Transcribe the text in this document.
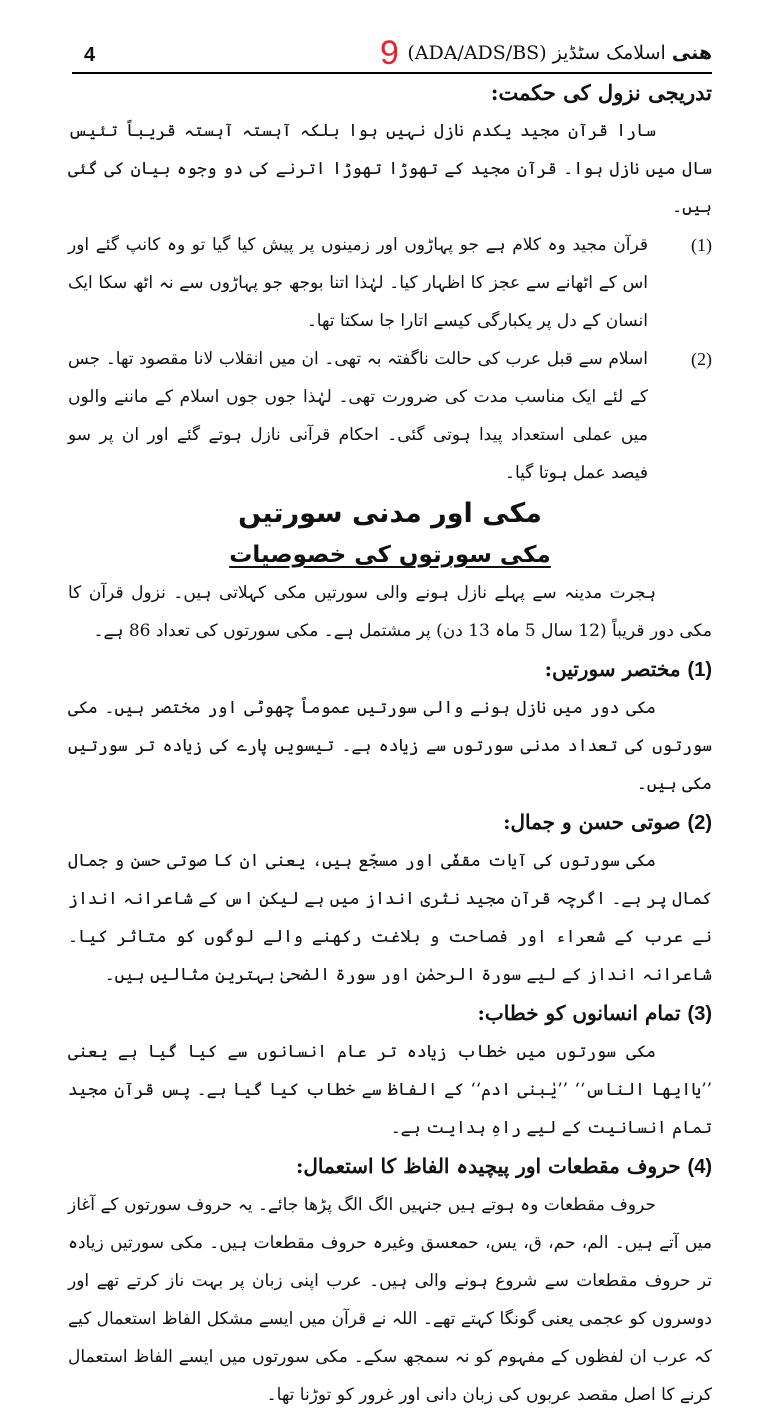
4	9	ھنی اسلامک سٹڈیز (ADA/ADS/BS)
تدریجی نزول کی حکمت:

سارا قرآن مجید یکدم نازل نہیں ہوا بلکہ آہستہ آہستہ قریباً تئیس سال میں نازل ہوا۔ قرآن مجید کے تھوڑا تھوڑا اترنے کی دو وجوہ بیان کی گئی ہیں۔

(1)
قرآن مجید وہ کلام ہے جو پہاڑوں اور زمینوں پر پیش کیا گیا تو وہ کانپ گئے اور اس کے اٹھانے سے عجز کا اظہار کیا۔ لہٰذا اتنا بوجھ جو پہاڑوں سے نہ اٹھ سکا ایک انسان کے دل پر یکبارگی کیسے اتارا جا سکتا تھا۔
(2)
اسلام سے قبل عرب کی حالت ناگفتہ بہ تھی۔ ان میں انقلاب لانا مقصود تھا۔ جس کے لئے ایک مناسب مدت کی ضرورت تھی۔ لہٰذا جوں جوں اسلام کے ماننے والوں میں عملی استعداد پیدا ہوتی گئی۔ احکام قرآنی نازل ہوتے گئے اور ان پر سو فیصد عمل ہوتا گیا۔
مکی اور مدنی سورتیں
مکی سورتوں کی خصوصیات

ہجرت مدینہ سے پہلے نازل ہونے والی سورتیں مکی کہلاتی ہیں۔ نزول قرآن کا مکی دور قریباً (12 سال 5 ماہ 13 دن) پر مشتمل ہے۔ مکی سورتوں کی تعداد 86 ہے۔

(1) مختصر سورتیں:

مکی دور میں نازل ہونے والی سورتیں عموماً چھوٹی اور مختصر ہیں۔ مکی سورتوں کی تعداد مدنی سورتوں سے زیادہ ہے۔ تیسویں پارے کی زیادہ تر سورتیں مکی ہیں۔

(2) صوتی حسن و جمال:

مکی سورتوں کی آیات مقفّی اور مسجّع ہیں، یعنی ان کا صوتی حسن و جمال کمال پر ہے۔ اگرچہ قرآن مجید نثری انداز میں ہے لیکن اس کے شاعرانہ انداز نے عرب کے شعراء اور فصاحت و بلاغت رکھنے والے لوگوں کو متاثر کیا۔ شاعرانہ انداز کے لیے سورۃ الرحمٰن اور سورۃ الضحیٰ بہترین مثالیں ہیں۔

(3) تمام انسانوں کو خطاب:

مکی سورتوں میں خطاب زیادہ تر عام انسانوں سے کیا گیا ہے یعنی ’’یاایھا الناس‘‘ ’’یٰبنی ادم‘‘ کے الفاظ سے خطاب کیا گیا ہے۔ پس قرآن مجید تمام انسانیت کے لیے راہِ ہدایت ہے۔

(4) حروف مقطعات اور پیچیدہ الفاظ کا استعمال:

حروف مقطعات وہ ہوتے ہیں جنہیں الگ الگ پڑھا جائے۔ یہ حروف سورتوں کے آغاز میں آتے ہیں۔ الم، حم، ق، یس، حمعسق وغیرہ حروف مقطعات ہیں۔ مکی سورتیں زیادہ تر حروف مقطعات سے شروع ہونے والی ہیں۔ عرب اپنی زبان پر بہت ناز کرتے تھے اور دوسروں کو عجمی یعنی گونگا کہتے تھے۔ اللہ نے قرآن میں ایسے مشکل الفاظ استعمال کیے کہ عرب ان لفظوں کے مفہوم کو نہ سمجھ سکے۔ مکی سورتوں میں ایسے الفاظ استعمال کرنے کا اصل مقصد عربوں کی زبان دانی اور غرور کو توڑنا تھا۔
